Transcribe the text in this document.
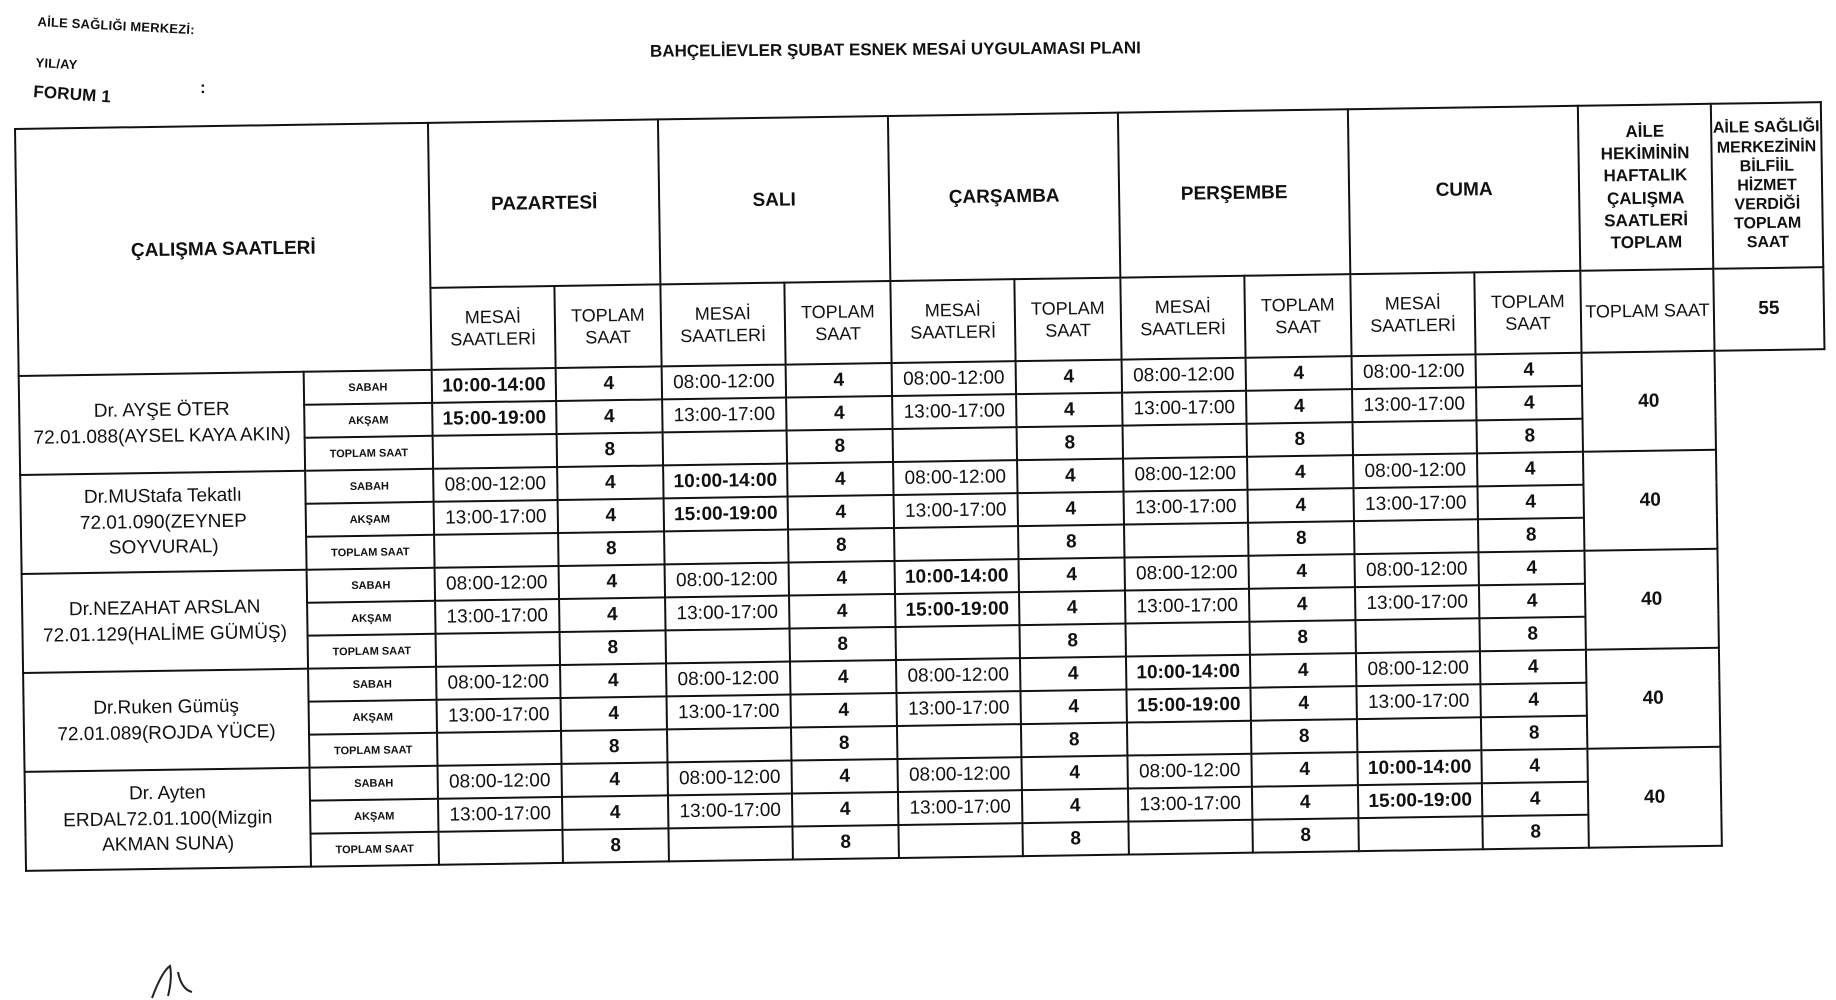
AİLE SAĞLIĞI MERKEZİ:
YIL/AY
:
FORUM 1
BAHÇELİEVLER ŞUBAT ESNEK MESAİ UYGULAMASI PLANI
ÇALIŞMA SAATLERİ		PAZARTESİ		SALI		ÇARŞAMBA		PERŞEMBE		CUMA		AİLE HEKİMİNİN HAFTALIK ÇALIŞMA SAATLERİ TOPLAM	AİLE SAĞLIĞI MERKEZİNİN BİLFİİL HİZMET VERDİĞİ TOPLAM SAAT
		MESAİ SAATLERİ	TOPLAM SAAT	MESAİ SAATLERİ	TOPLAM SAAT	MESAİ SAATLERİ	TOPLAM SAAT	MESAİ SAATLERİ	TOPLAM SAAT	MESAİ SAATLERİ	TOPLAM SAAT	TOPLAM SAAT	55
Dr. AYŞE ÖTER 72.01.088(AYSEL KAYA AKIN)	SABAH	10:00-14:00	4	08:00-12:00	4	08:00-12:00	4	08:00-12:00	4	08:00-12:00	4	40	
	AKŞAM	15:00-19:00	4	13:00-17:00	4	13:00-17:00	4	13:00-17:00	4	13:00-17:00	4		
	TOPLAM SAAT		8		8		8		8		8		
Dr.MUStafa Tekatlı 72.01.090(ZEYNEP SOYVURAL)	SABAH	08:00-12:00	4	10:00-14:00	4	08:00-12:00	4	08:00-12:00	4	08:00-12:00	4	40	
	AKŞAM	13:00-17:00	4	15:00-19:00	4	13:00-17:00	4	13:00-17:00	4	13:00-17:00	4		
	TOPLAM SAAT		8		8		8		8		8		
Dr.NEZAHAT ARSLAN 72.01.129(HALİME GÜMÜŞ)	SABAH	08:00-12:00	4	08:00-12:00	4	10:00-14:00	4	08:00-12:00	4	08:00-12:00	4	40	
	AKŞAM	13:00-17:00	4	13:00-17:00	4	15:00-19:00	4	13:00-17:00	4	13:00-17:00	4		
	TOPLAM SAAT		8		8		8		8		8		
Dr.Ruken Gümüş 72.01.089(ROJDA YÜCE)	SABAH	08:00-12:00	4	08:00-12:00	4	08:00-12:00	4	10:00-14:00	4	08:00-12:00	4	40	
	AKŞAM	13:00-17:00	4	13:00-17:00	4	13:00-17:00	4	15:00-19:00	4	13:00-17:00	4		
	TOPLAM SAAT		8		8		8		8		8		
Dr. Ayten ERDAL72.01.100(Mizgin AKMAN SUNA)	SABAH	08:00-12:00	4	08:00-12:00	4	08:00-12:00	4	08:00-12:00	4	10:00-14:00	4	40	
	AKŞAM	13:00-17:00	4	13:00-17:00	4	13:00-17:00	4	13:00-17:00	4	15:00-19:00	4		
	TOPLAM SAAT		8		8		8		8		8		
